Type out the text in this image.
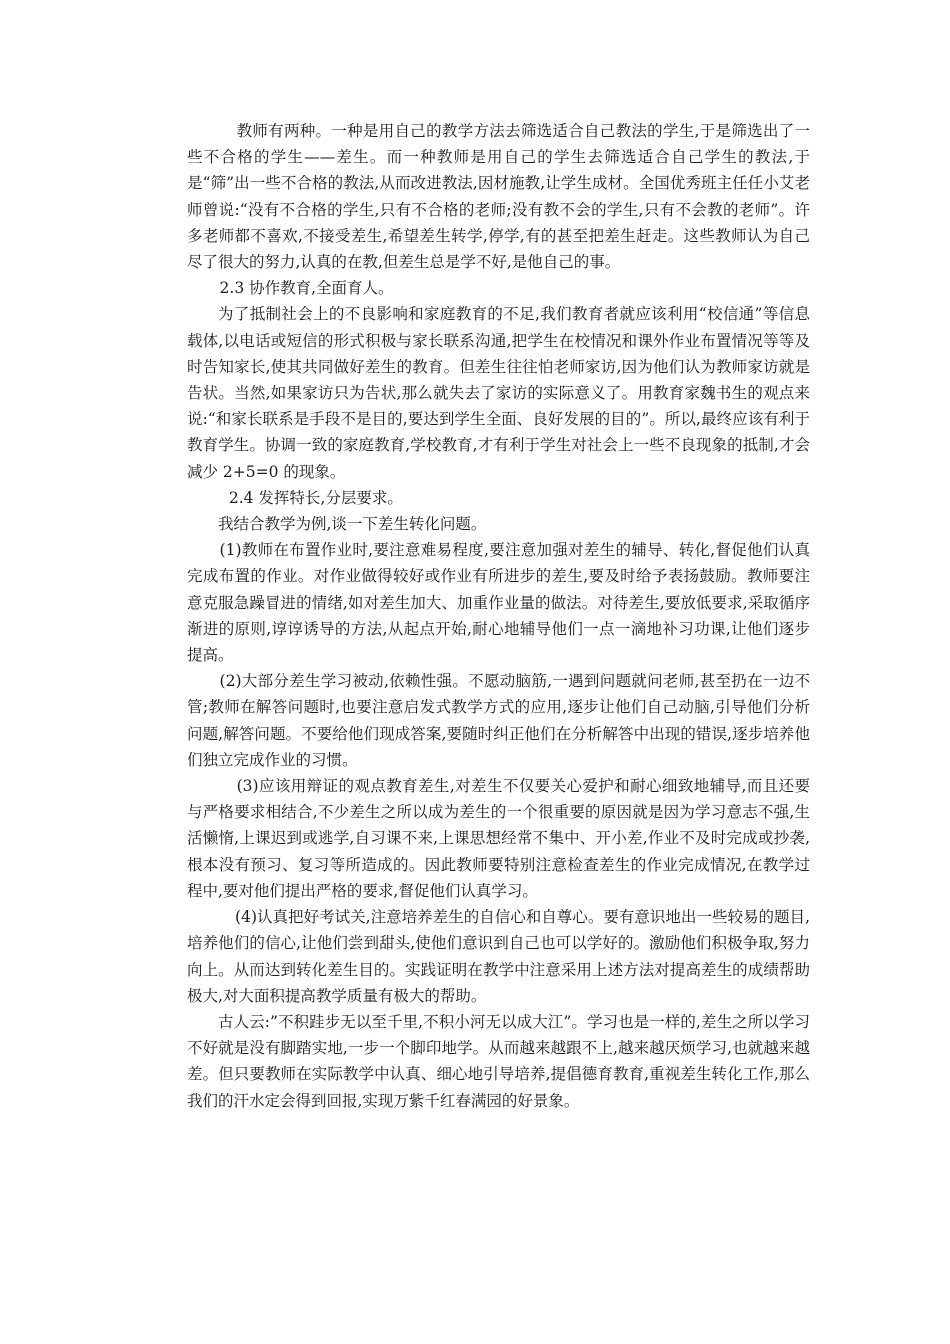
教师有两种。一种是用自己的教学方法去筛选适合自己教法的学生,于是筛选出了一些不合格的学生——差生。而一种教师是用自己的学生去筛选适合自己学生的教法,于是“筛”出一些不合格的教法,从而改进教法,因材施教,让学生成材。全国优秀班主任任小艾老师曾说:“没有不合格的学生,只有不合格的老师;没有教不会的学生,只有不会教的老师”。许多老师都不喜欢,不接受差生,希望差生转学,停学,有的甚至把差生赶走。这些教师认为自己尽了很大的努力,认真的在教,但差生总是学不好,是他自己的事。

2.3 协作教育,全面育人。

为了抵制社会上的不良影响和家庭教育的不足,我们教育者就应该利用“校信通”等信息载体,以电话或短信的形式积极与家长联系沟通,把学生在校情况和课外作业布置情况等等及时告知家长,使其共同做好差生的教育。但差生往往怕老师家访,因为他们认为教师家访就是告状。当然,如果家访只为告状,那么就失去了家访的实际意义了。用教育家魏书生的观点来说:“和家长联系是手段不是目的,要达到学生全面、良好发展的目的”。所以,最终应该有利于教育学生。协调一致的家庭教育,学校教育,才有利于学生对社会上一些不良现象的抵制,才会减少 2+5=0 的现象。

2.4 发挥特长,分层要求。

我结合教学为例,谈一下差生转化问题。

(1)教师在布置作业时,要注意难易程度,要注意加强对差生的辅导、转化,督促他们认真完成布置的作业。对作业做得较好或作业有所进步的差生,要及时给予表扬鼓励。教师要注意克服急躁冒进的情绪,如对差生加大、加重作业量的做法。对待差生,要放低要求,采取循序渐进的原则,谆谆诱导的方法,从起点开始,耐心地辅导他们一点一滴地补习功课,让他们逐步提高。

(2)大部分差生学习被动,依赖性强。不愿动脑筋,一遇到问题就问老师,甚至扔在一边不管;教师在解答问题时,也要注意启发式教学方式的应用,逐步让他们自己动脑,引导他们分析问题,解答问题。不要给他们现成答案,要随时纠正他们在分析解答中出现的错误,逐步培养他们独立完成作业的习惯。

(3)应该用辩证的观点教育差生,对差生不仅要关心爱护和耐心细致地辅导,而且还要与严格要求相结合,不少差生之所以成为差生的一个很重要的原因就是因为学习意志不强,生活懒惰,上课迟到或逃学,自习课不来,上课思想经常不集中、开小差,作业不及时完成或抄袭,根本没有预习、复习等所造成的。因此教师要特别注意检查差生的作业完成情况,在教学过程中,要对他们提出严格的要求,督促他们认真学习。

(4)认真把好考试关,注意培养差生的自信心和自尊心。要有意识地出一些较易的题目,培养他们的信心,让他们尝到甜头,使他们意识到自己也可以学好的。激励他们积极争取,努力向上。从而达到转化差生目的。实践证明在教学中注意采用上述方法对提高差生的成绩帮助极大,对大面积提高教学质量有极大的帮助。

古人云:”不积跬步无以至千里,不积小河无以成大江”。学习也是一样的,差生之所以学习不好就是没有脚踏实地,一步一个脚印地学。从而越来越跟不上,越来越厌烦学习,也就越来越差。但只要教师在实际教学中认真、细心地引导培养,提倡德育教育,重视差生转化工作,那么我们的汗水定会得到回报,实现万紫千红春满园的好景象。
